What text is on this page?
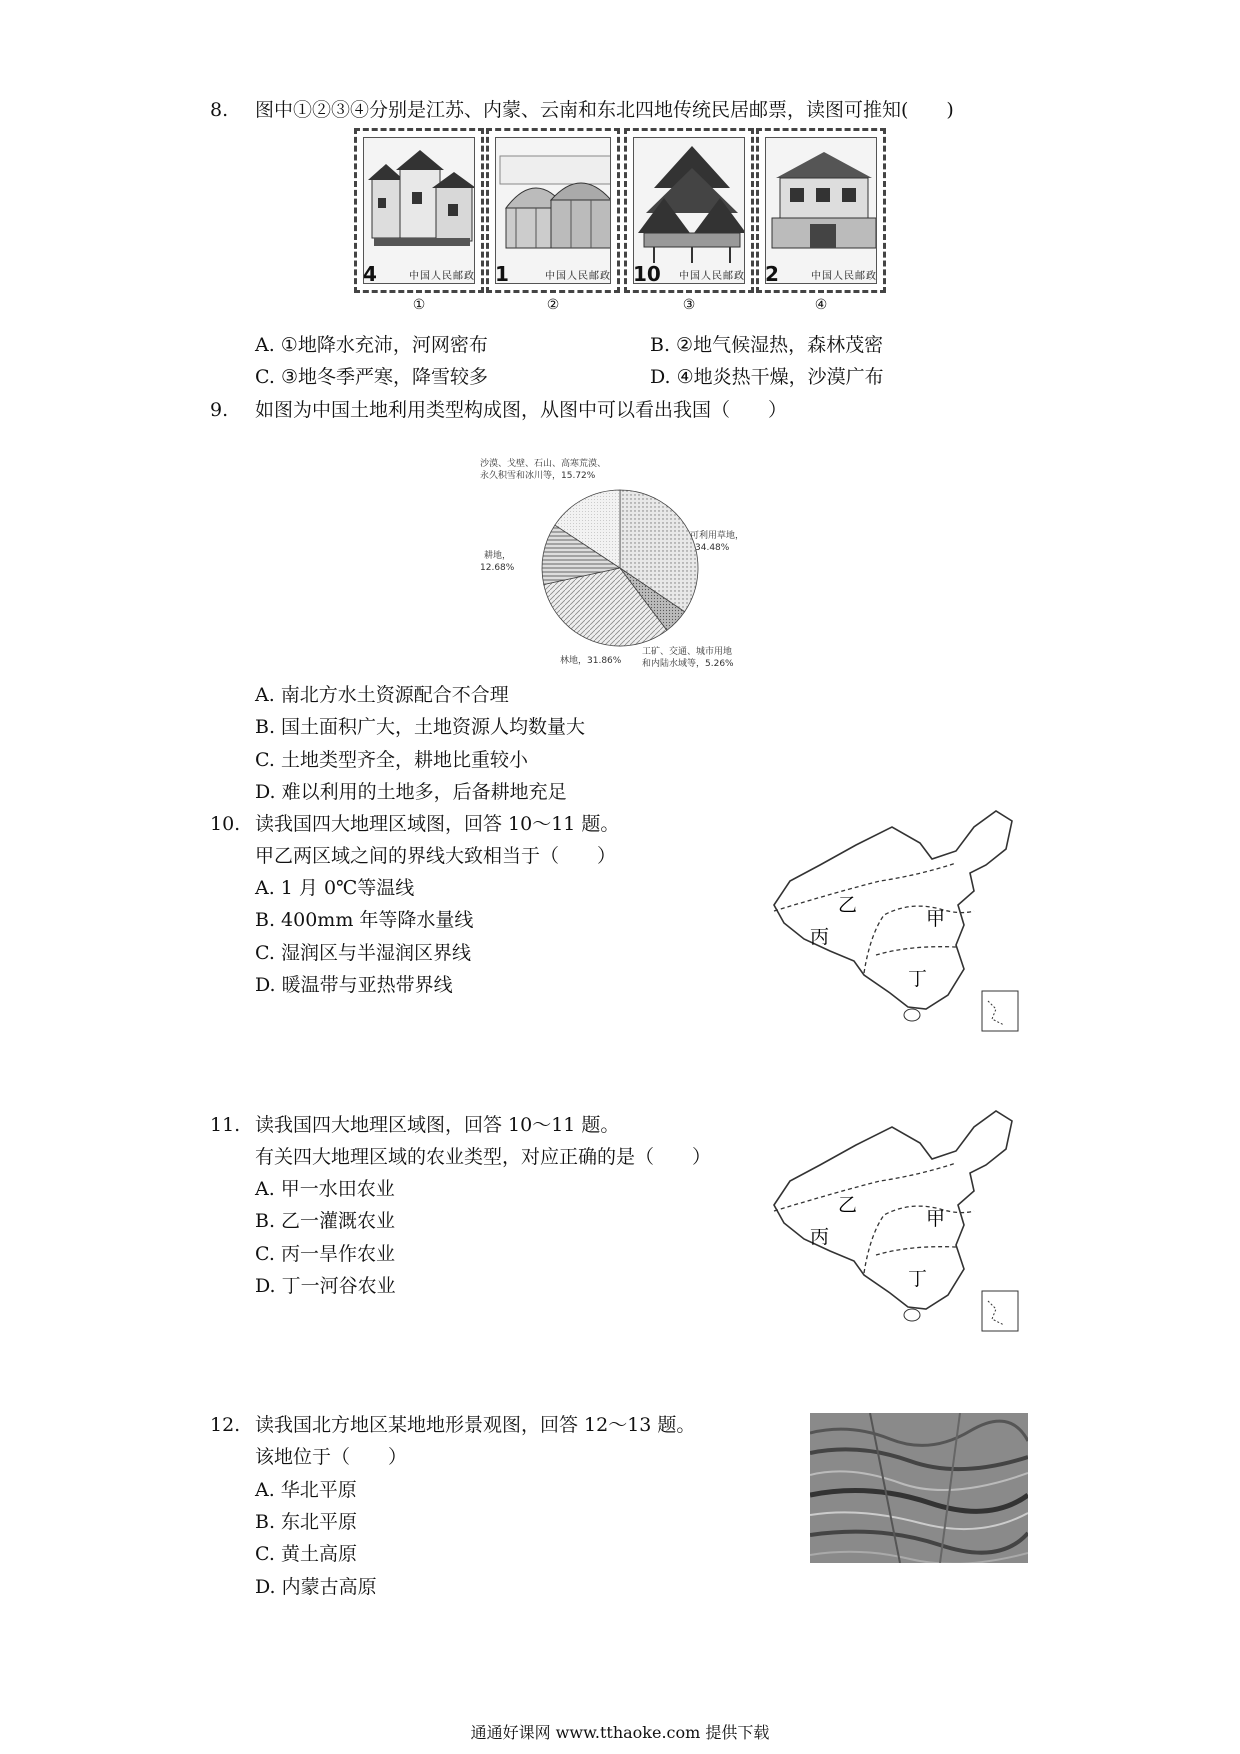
8. 图中①②③④分别是江苏、内蒙、云南和东北四地传统民居邮票，读图可推知(　　)
4	中国人民邮政
①
1	中国人民邮政
②
10 中国人民邮政
③
2	中国人民邮政
④
A. ①地降水充沛，河网密布	B. ②地气候湿热，森林茂密
C. ③地冬季严寒，降雪较多	D. ④地炎热干燥，沙漠广布
9. 如图为中国土地利用类型构成图，从图中可以看出我国（　　）
沙漠、戈壁、石山、高寒荒漠、
永久积雪和冰川等，15.72%
可利用草地，
34.48%
耕地，
12.68%
林地，31.86%
工矿、交通、城市用地
和内陆水域等，5.26%
A. 南北方水土资源配合不合理
B. 国土面积广大，土地资源人均数量大
C. 土地类型齐全，耕地比重较小
D. 难以利用的土地多，后备耕地充足
10. 读我国四大地理区域图，回答 10～11 题。
甲乙两区域之间的界线大致相当于（　　）
A. 1 月 0℃等温线
B. 400mm 年等降水量线
C. 湿润区与半湿润区界线
D. 暖温带与亚热带界线
乙
甲
丙
丁
11. 读我国四大地理区域图，回答 10～11 题。
有关四大地理区域的农业类型，对应正确的是（　　）
A. 甲一水田农业
B. 乙一灌溉农业
C. 丙一旱作农业
D. 丁一河谷农业
乙
甲
丙
丁
12. 读我国北方地区某地地形景观图，回答 12～13 题。
该地位于（　　）
A. 华北平原
B. 东北平原
C. 黄土高原
D. 内蒙古高原
通通好课网 www.tthaoke.com 提供下载
